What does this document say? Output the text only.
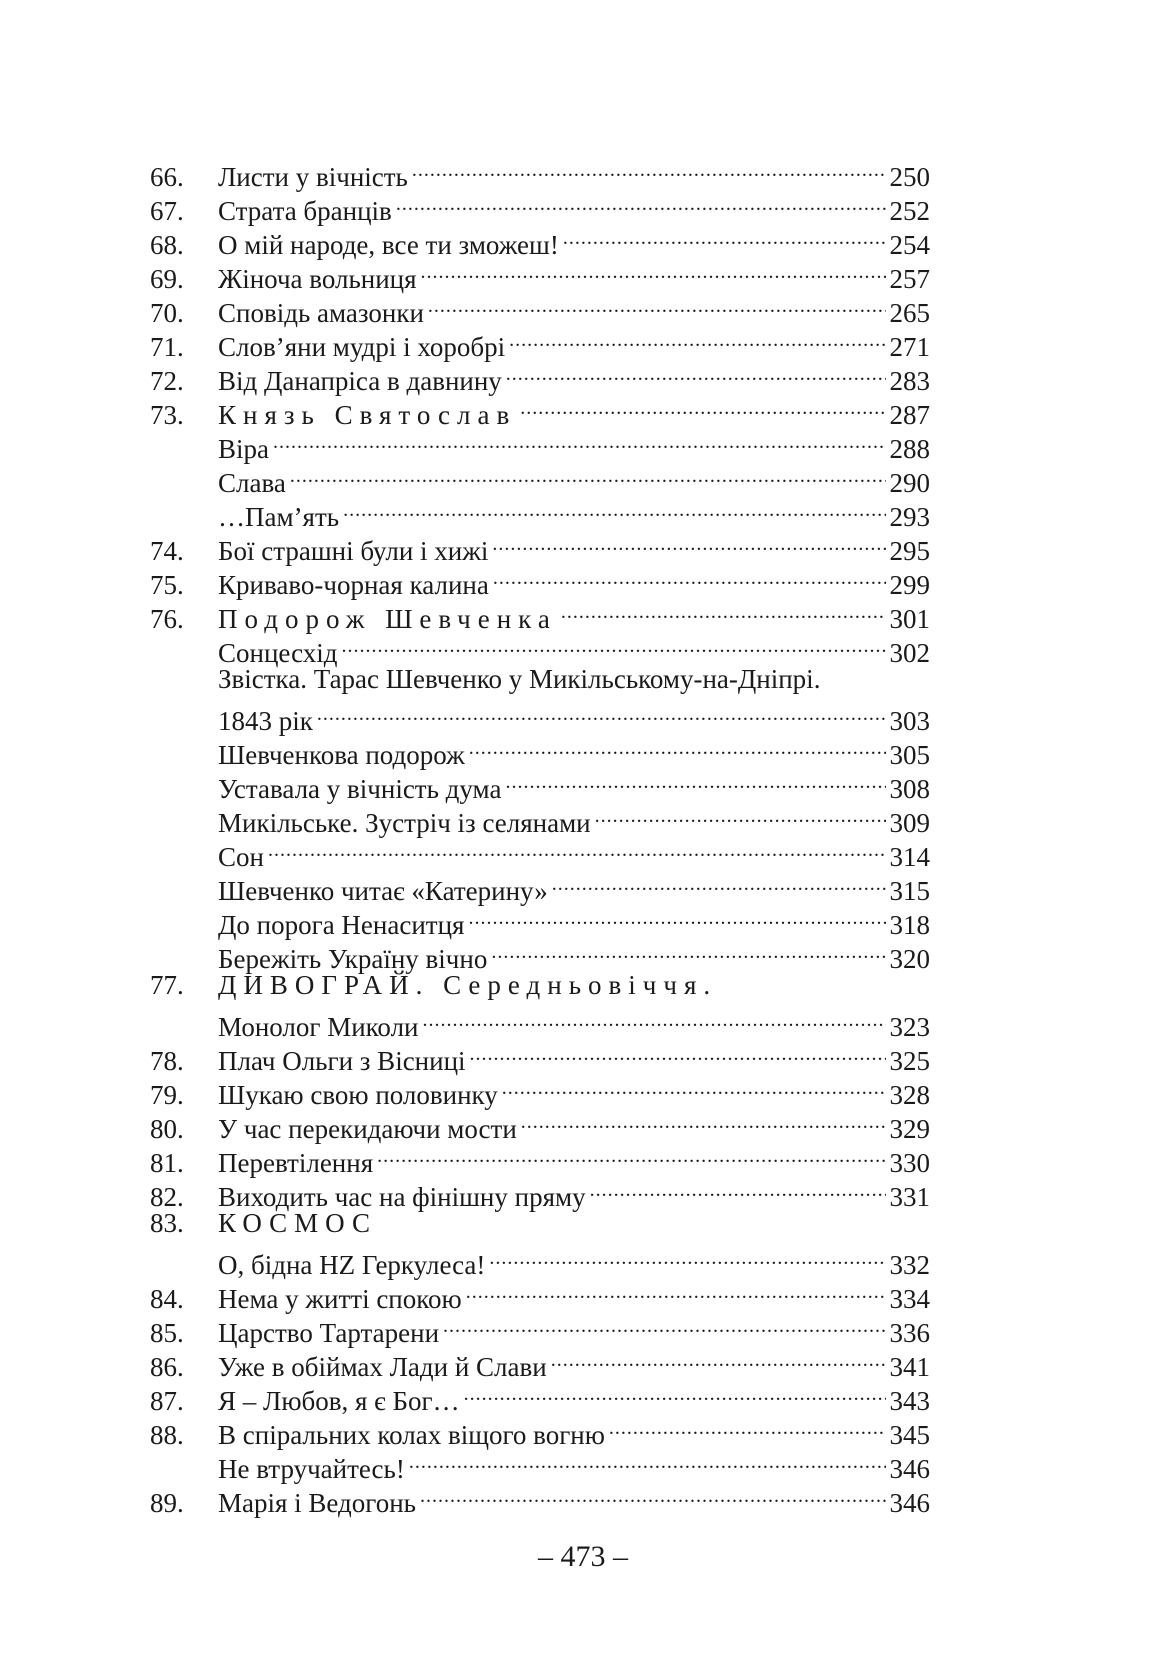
66.	Листи у вічність .....	250
67.	Страта бранців .....	252
68.	О мій народе, все ти зможеш! .....	254
69.	Жіноча вольниця .....	257
70.	Сповідь амазонки .....	265
71.	Слов’яни мудрі і хоробрі .....	271
72.	Від Данапріса в давнину .....	283
73.	Князь Святослав .....	287
Віра .....	288
Слава .....	290
…Пам’ять .....	293
74.	Бої страшні були і хижі .....	295
75.	Криваво-чорная калина .....	299
76.	Подорож Шевченка .....	301
Сонцесхід .....	302
Звістка. Тарас Шевченко у Микільському-на-Дніпрі.
1843 рік .....	303
Шевченкова подорож .....	305
Уставала у вічність дума .....	308
Микільське. Зустріч із селянами .....	309
Сон .....	314
Шевченко читає «Катерину» .....	315
До порога Ненаситця .....	318
Бережіть Україну вічно .....	320
77.	ДИВОГРАЙ. Середньовіччя.
Монолог Миколи .....	323
78.	Плач Ольги з Вісниці .....	325
79.	Шукаю свою половинку .....	328
80.	У час перекидаючи мости .....	329
81.	Перевтілення .....	330
82.	Виходить час на фінішну пряму .....	331
83.	КОСМОС
О, бідна HZ Геркулеса! .....	332
84.	Нема у житті спокою .....	334
85.	Царство Тартарени .....	336
86.	Уже в обіймах Лади й Слави .....	341
87.	Я – Любов, я є Бог… .....	343
88.	В спіральних колах віщого вогню .....	345
Не втручайтесь! .....	346
89.	Марія і Ведогонь .....	346
– 473 –
